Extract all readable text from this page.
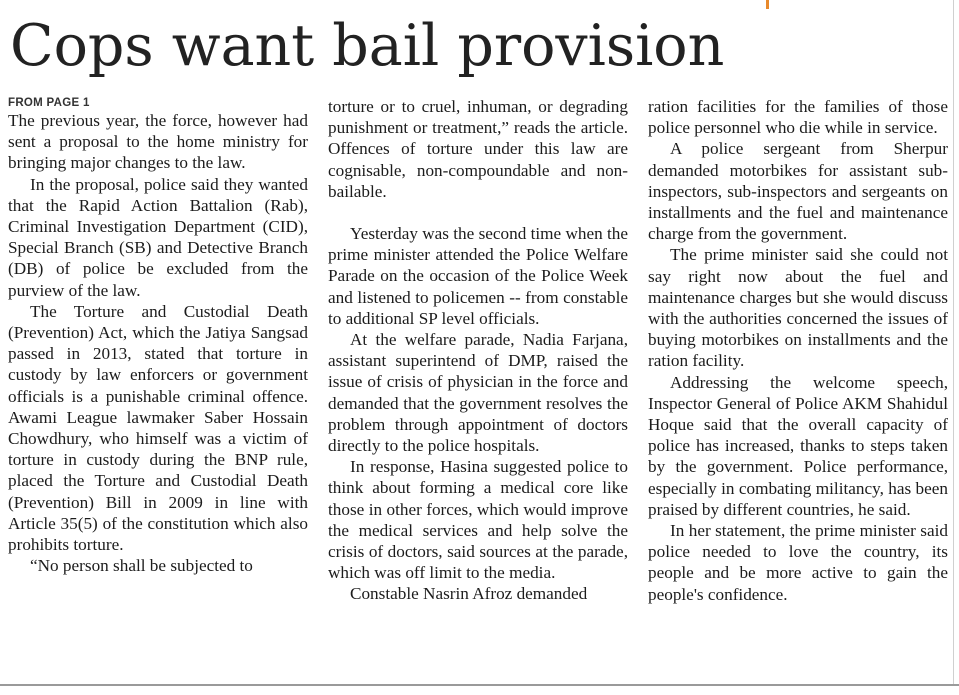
Cops want bail provision
FROM PAGE 1

The previous year, the force, however had sent a proposal to the home ministry for bringing major changes to the law.

In the proposal, police said they wanted that the Rapid Action Battalion (Rab), Criminal Investigation Department (CID), Special Branch (SB) and Detective Branch (DB) of police be excluded from the purview of the law.

The Torture and Custodial Death (Prevention) Act, which the Jatiya Sangsad passed in 2013, stated that torture in custody by law enforcers or government officials is a punishable criminal offence. Awami League lawmaker Saber Hossain Chowdhury, who himself was a victim of torture in custody during the BNP rule, placed the Torture and Custodial Death (Prevention) Bill in 2009 in line with Article 35(5) of the constitution which also prohibits torture.

“No person shall be subjected to

torture or to cruel, inhuman, or degrading punishment or treatment,” reads the article. Offences of torture under this law are cognisable, non-compoundable and non-bailable.

Yesterday was the second time when the prime minister attended the Police Welfare Parade on the occasion of the Police Week and listened to policemen -- from constable to additional SP level officials.

At the welfare parade, Nadia Farjana, assistant superintend of DMP, raised the issue of crisis of physician in the force and demanded that the government resolves the problem through appointment of doctors directly to the police hospitals.

In response, Hasina suggested police to think about forming a medical core like those in other forces, which would improve the medical services and help solve the crisis of doctors, said sources at the parade, which was off limit to the media.

Constable Nasrin Afroz demanded

ration facilities for the families of those police personnel who die while in service.

A police sergeant from Sherpur demanded motorbikes for assistant sub-inspectors, sub-inspectors and sergeants on installments and the fuel and maintenance charge from the government.

The prime minister said she could not say right now about the fuel and maintenance charges but she would discuss with the authorities concerned the issues of buying motorbikes on installments and the ration facility.

Addressing the welcome speech, Inspector General of Police AKM Shahidul Hoque said that the overall capacity of police has increased, thanks to steps taken by the government. Police performance, especially in combating militancy, has been praised by different countries, he said.

In her statement, the prime minister said police needed to love the country, its people and be more active to gain the people's confidence.
